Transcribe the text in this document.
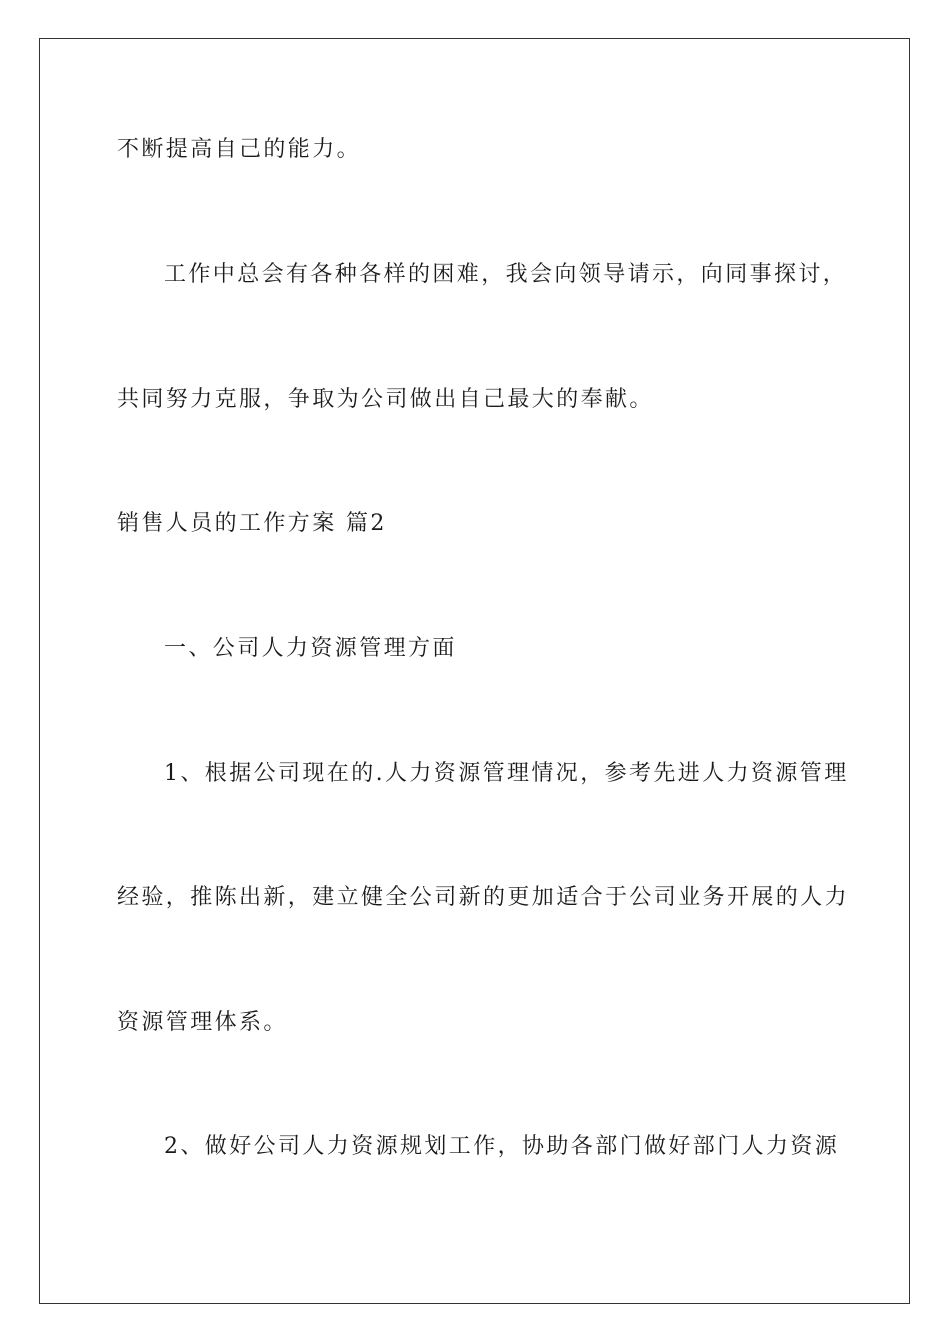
不断提高自己的能力。
工作中总会有各种各样的困难，我会向领导请示，向同事探讨，
共同努力克服，争取为公司做出自己最大的奉献。
销售人员的工作方案 篇2
一、公司人力资源管理方面
1、根据公司现在的.人力资源管理情况，参考先进人力资源管理
经验，推陈出新，建立健全公司新的更加适合于公司业务开展的人力
资源管理体系。
2、做好公司人力资源规划工作，协助各部门做好部门人力资源
